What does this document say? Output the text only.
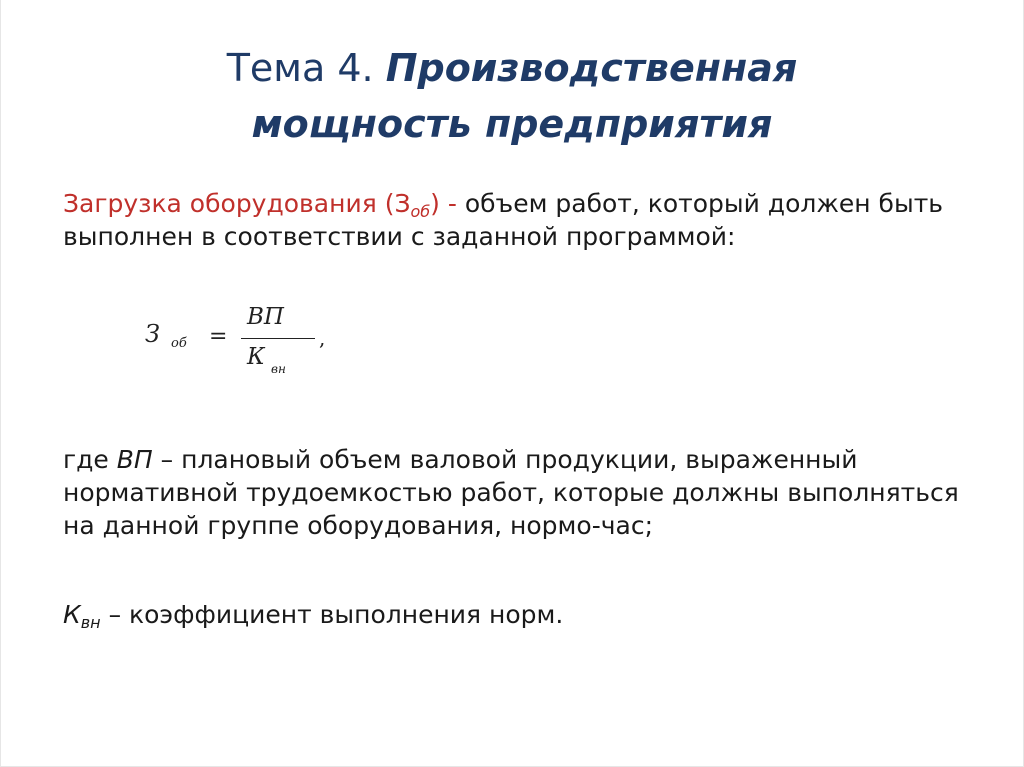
Тема 4. Производственная
мощность предприятия
Загрузка оборудования $(З_{об})$ - объем работ, который должен быть выполнен в соответствии с заданной программой:
З об =
ВП
К вн
,
где ВП – плановый объем валовой продукции, выраженный нормативной трудоемкостью работ, которые должны выполняться на данной группе оборудования, нормо-час;
$К_{вн}$ – коэффициент выполнения норм.
